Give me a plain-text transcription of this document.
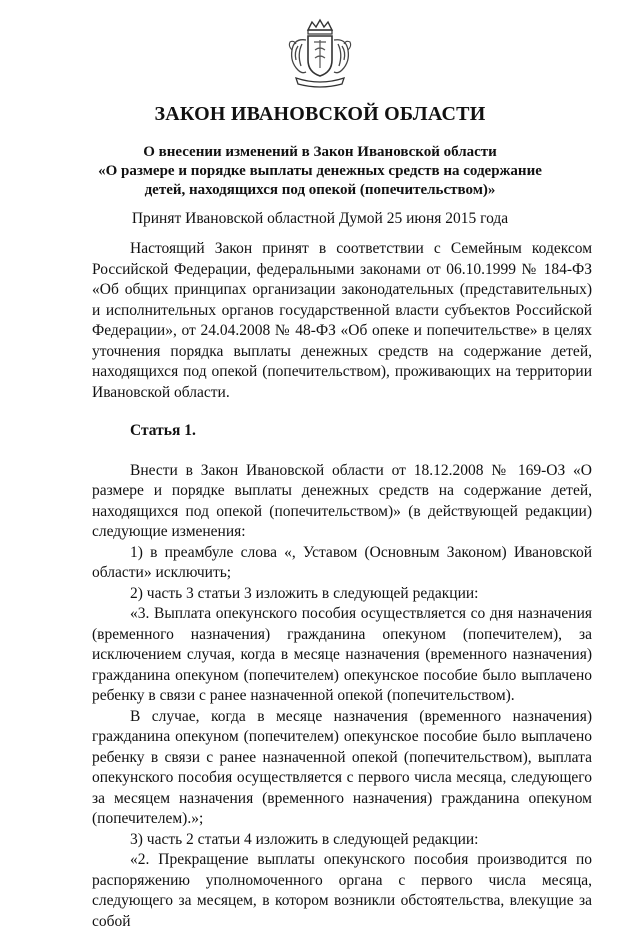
ЗАКОН ИВАНОВСКОЙ ОБЛАСТИ
О внесении изменений в Закон Ивановской области
«О размере и порядке выплаты денежных средств на содержание
детей, находящихся под опекой (попечительством)»
Принят Ивановской областной Думой 25 июня 2015 года

Настоящий Закон принят в соответствии с Семейным кодексом Российской Федерации, федеральными законами от 06.10.1999 № 184-ФЗ «Об общих принципах организации законодательных (представительных) и исполнительных органов государственной власти субъектов Российской Федерации», от 24.04.2008 № 48-ФЗ «Об опеке и попечительстве» в целях уточнения порядка выплаты денежных средств на содержание детей, находящихся под опекой (попечительством), проживающих на территории Ивановской области.

Статья 1.

Внести в Закон Ивановской области от 18.12.2008 № 169-ОЗ «О размере и порядке выплаты денежных средств на содержание детей, находящихся под опекой (попечительством)» (в действующей редакции) следующие изменения:

1) в преамбуле слова «, Уставом (Основным Законом) Ивановской области» исключить;

2) часть 3 статьи 3 изложить в следующей редакции:

«3. Выплата опекунского пособия осуществляется со дня назначения (временного назначения) гражданина опекуном (попечителем), за исключением случая, когда в месяце назначения (временного назначения) гражданина опекуном (попечителем) опекунское пособие было выплачено ребенку в связи с ранее назначенной опекой (попечительством).

В случае, когда в месяце назначения (временного назначения) гражданина опекуном (попечителем) опекунское пособие было выплачено ребенку в связи с ранее назначенной опекой (попечительством), выплата опекунского пособия осуществляется с первого числа месяца, следующего за месяцем назначения (временного назначения) гражданина опекуном (попечителем).»;

3) часть 2 статьи 4 изложить в следующей редакции:

«2. Прекращение выплаты опекунского пособия производится по распоряжению уполномоченного органа с первого числа месяца, следующего за месяцем, в котором возникли обстоятельства, влекущие за собой
